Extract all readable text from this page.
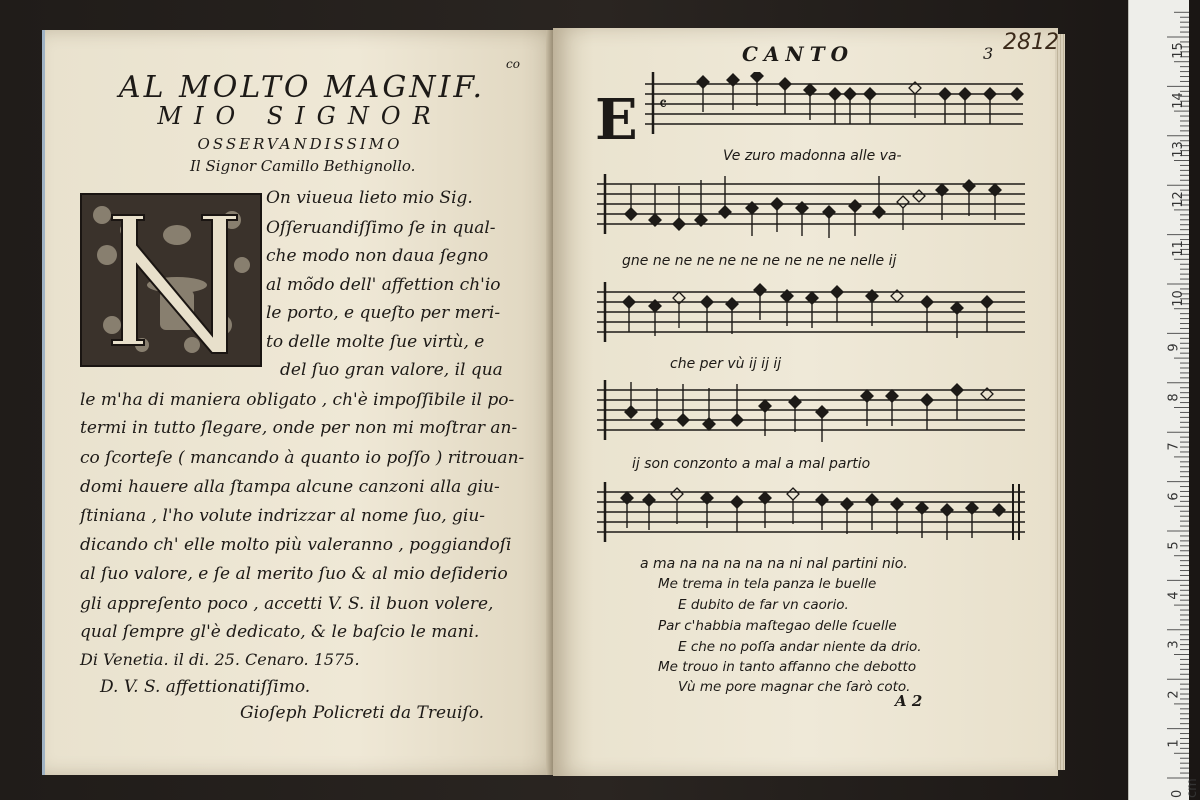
AL MOLTO MAGNIF.
co
MIO SIGNOR
OSSERVANDISSIMO
Il Signor Camillo Bethignollo.
On viueua lieto mio Sig.
Oſſeruandiſſimo ſe in qual-
che modo non daua ſegno
al mõdo dell' affettion ch'io
le porto, e queſto per meri-
to delle molte ſue virtù, e
del ſuo gran valore, il qua
le m'ha di maniera obligato , ch'è impoſſibile il po-
termi in tutto ſlegare, onde per non mi moſtrar an-
co ſcorteſe ( mancando à quanto io poſſo ) ritrouan-
domi hauere alla ſtampa alcune canzoni alla giu-
ſtiniana , l'ho volute indrizzar al nome ſuo, giu-
dicando ch' elle molto più valeranno , poggiandoſi
al ſuo valore, e ſe al merito ſuo & al mio deſiderio
gli appreſento poco , accetti V. S. il buon volere,
qual ſempre gl'è dedicato, & le baſcio le mani.
Di Venetia. il di. 25. Cenaro. 1575.
D. V. S. affettionatiſſimo.
Gioſeph Policreti da Treuiſo.
CANTO	3 2812
E 𝄴
Ve zuro madonna alle va-
gne ne ne ne ne ne ne ne ne ne nelle ij
che per vù ij ij ij
ij son conzonto a mal a mal partio
a ma na na na na na ni nal partini nio.
Me trema in tela panza le buelle
E dubito de far vn caorio.
Par c'habbia maſtegao delle ſcuelle
E che no poſſa andar niente da drio.
Me trouo in tanto affanno che debotto
Vù me pore magnar che ſarò coto.
A 2
0 cm
1
2
3
4
5
6
7
8
9
10
11
12
13
14
15
